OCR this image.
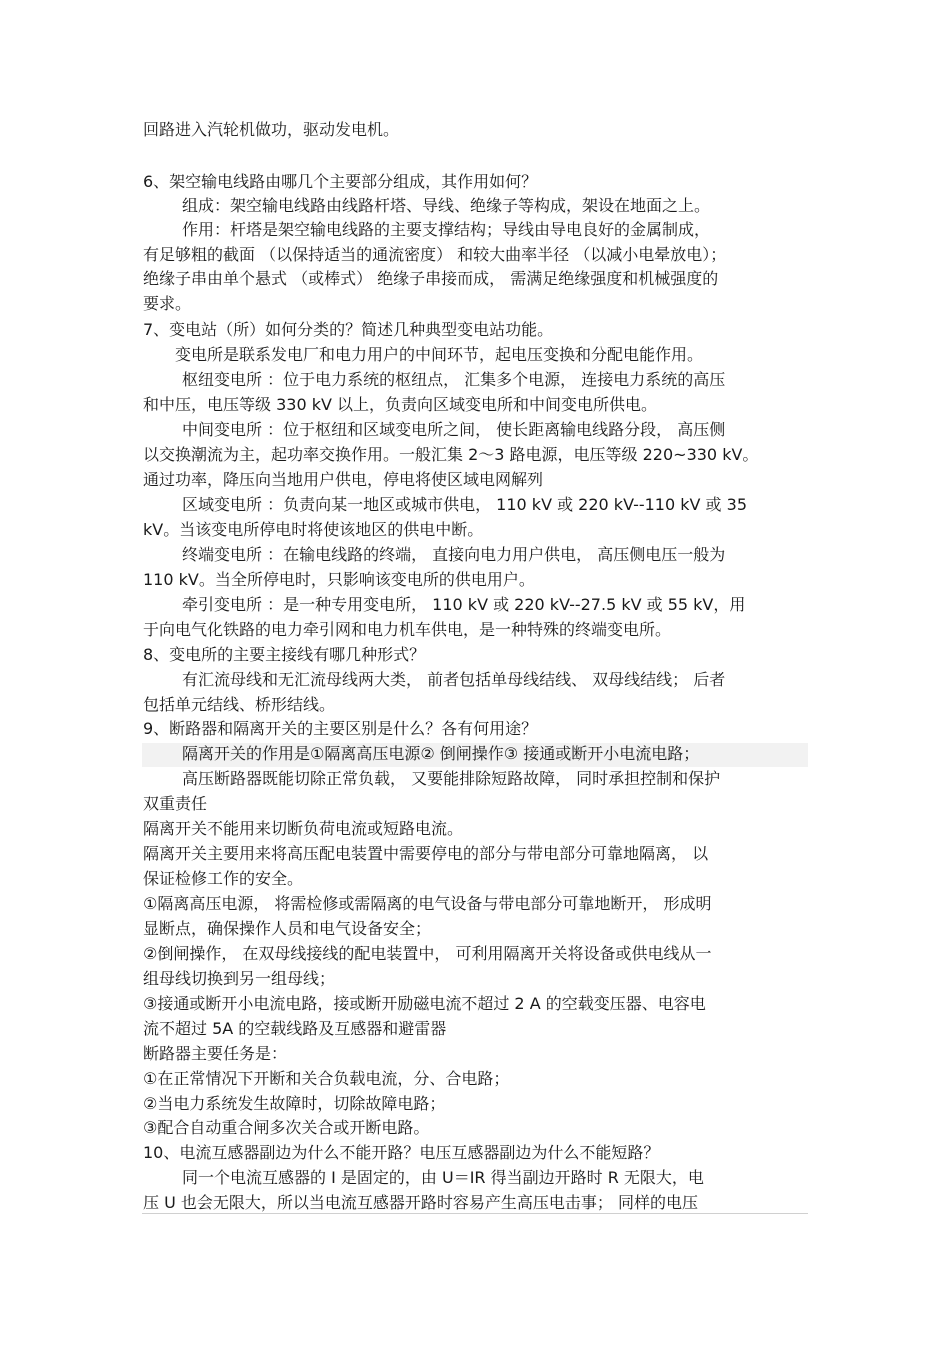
回路进入汽轮机做功，驱动发电机。
6、架空输电线路由哪几个主要部分组成，其作用如何？
组成：架空输电线路由线路杆塔、导线、绝缘子等构成，架设在地面之上。
作用：杆塔是架空输电线路的主要支撑结构；导线由导电良好的金属制成，
有足够粗的截面 （以保持适当的通流密度） 和较大曲率半径 （以减小电晕放电）；
绝缘子串由单个悬式 （或棒式） 绝缘子串接而成， 需满足绝缘强度和机械强度的
要求。
7、变电站（所）如何分类的？简述几种典型变电站功能。
变电所是联系发电厂和电力用户的中间环节，起电压变换和分配电能作用。
枢纽变电所 ：位于电力系统的枢纽点， 汇集多个电源， 连接电力系统的高压
和中压，电压等级 330 kV 以上，负责向区域变电所和中间变电所供电。
中间变电所 ：位于枢纽和区域变电所之间， 使长距离输电线路分段， 高压侧
以交换潮流为主，起功率交换作用。一般汇集 2～3 路电源，电压等级 220~330 kV。
通过功率，降压向当地用户供电，停电将使区域电网解列
区域变电所 ：负责向某一地区或城市供电， 110 kV 或 220 kV--110 kV 或 35
kV。当该变电所停电时将使该地区的供电中断。
终端变电所 ：在输电线路的终端， 直接向电力用户供电， 高压侧电压一般为
110 kV。当全所停电时，只影响该变电所的供电用户。
牵引变电所 ：是一种专用变电所， 110 kV 或 220 kV--27.5 kV 或 55 kV，用
于向电气化铁路的电力牵引网和电力机车供电，是一种特殊的终端变电所。
8、变电所的主要主接线有哪几种形式？
有汇流母线和无汇流母线两大类， 前者包括单母线结线、 双母线结线； 后者
包括单元结线、桥形结线。
9、断路器和隔离开关的主要区别是什么？各有何用途？
隔离开关的作用是①隔离高压电源② 倒闸操作③ 接通或断开小电流电路；
高压断路器既能切除正常负载， 又要能排除短路故障， 同时承担控制和保护
双重责任
隔离开关不能用来切断负荷电流或短路电流。
隔离开关主要用来将高压配电装置中需要停电的部分与带电部分可靠地隔离， 以
保证检修工作的安全。
①隔离高压电源， 将需检修或需隔离的电气设备与带电部分可靠地断开， 形成明
显断点，确保操作人员和电气设备安全；
②倒闸操作， 在双母线接线的配电装置中， 可利用隔离开关将设备或供电线从一
组母线切换到另一组母线；
③接通或断开小电流电路，接或断开励磁电流不超过 2 A 的空载变压器、电容电
流不超过 5A 的空载线路及互感器和避雷器
断路器主要任务是：
①在正常情况下开断和关合负载电流，分、合电路；
②当电力系统发生故障时，切除故障电路；
③配合自动重合闸多次关合或开断电路。
10、电流互感器副边为什么不能开路？电压互感器副边为什么不能短路？
同一个电流互感器的 I 是固定的，由 U＝IR 得当副边开路时 R 无限大，电
压 U 也会无限大，所以当电流互感器开路时容易产生高压电击事； 同样的电压
